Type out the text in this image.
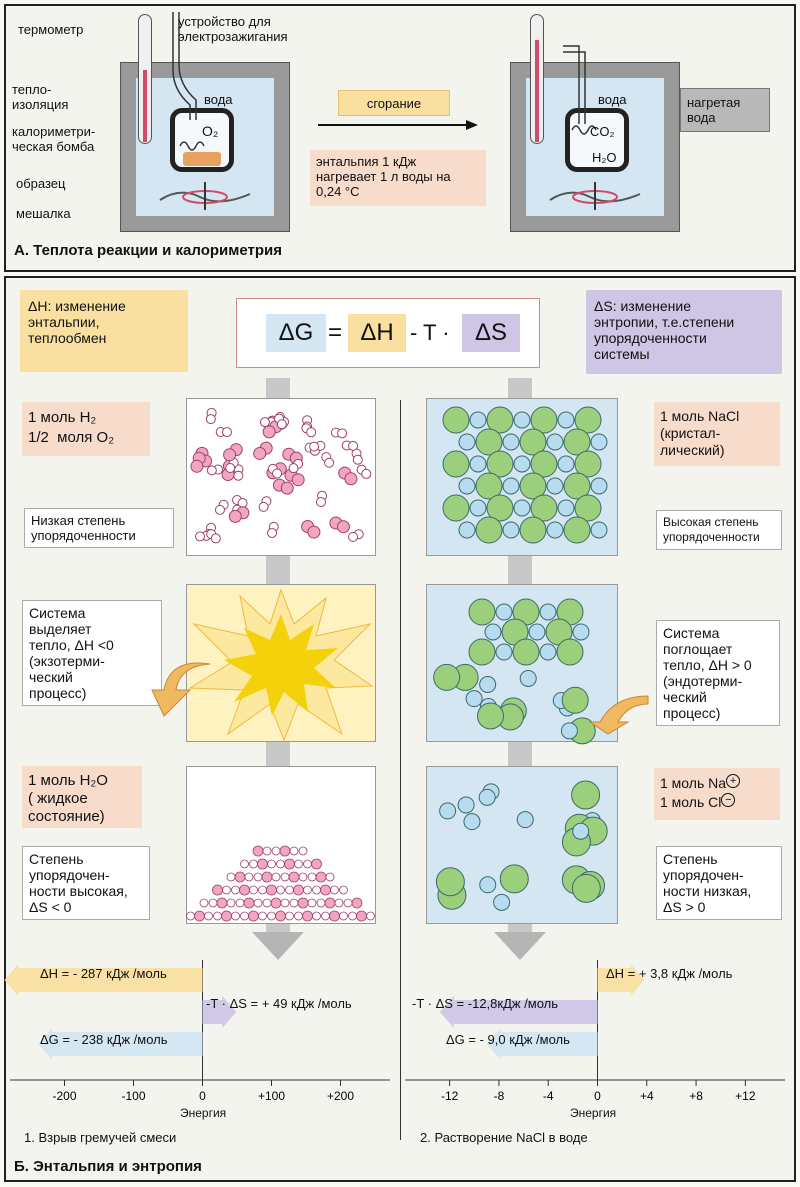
O₂
вода
термометр
устройство для
электрозажигания
тепло-
изоляция
калориметри-
ческая бомба
образец
мешалка
сгорание
энтальпия 1 кДж
нагревает 1 л воды на
0,24 °C
вода
CO₂
H₂O
нагретая
вода
А. Теплота реакции и калориметрия
ΔH: изменение
энтальпии,
теплообмен
ΔS: изменение
энтропии, т.е.степени
упорядоченности
системы
ΔG = ΔH - T ·	ΔS
1 моль H₂
1/2  моля O₂
Низкая степень
упорядоченности
Система
выделяет
тепло, ΔH <0
(экзотерми-
ческий
процесс)
1 моль H₂O
( жидкое
состояние)
Степень
упорядочен-
ности высокая,
ΔS < 0
1 моль NaCl
(кристал-
лический)
Высокая степень
упорядоченности
Система
поглощает
тепло, ΔH > 0
(эндотерми-
ческий
процесс)
1 моль Na +
1 моль Cl −
Степень
упорядочен-
ности низкая,
ΔS > 0
-200	-100	0	+100	+200	-12	-8	-4	0	+4	+8	+12
ΔH = - 287 кДж /моль
-T · ΔS = + 49 кДж /моль
ΔG = - 238 кДж /моль
ΔH = + 3,8 кДж /моль
-T · ΔS = -12,8кДж /моль
ΔG = - 9,0 кДж /моль
Энергия	Энергия
1. Взрыв гремучей смеси	2. Растворение NaCl в воде
Б. Энтальпия и энтропия
